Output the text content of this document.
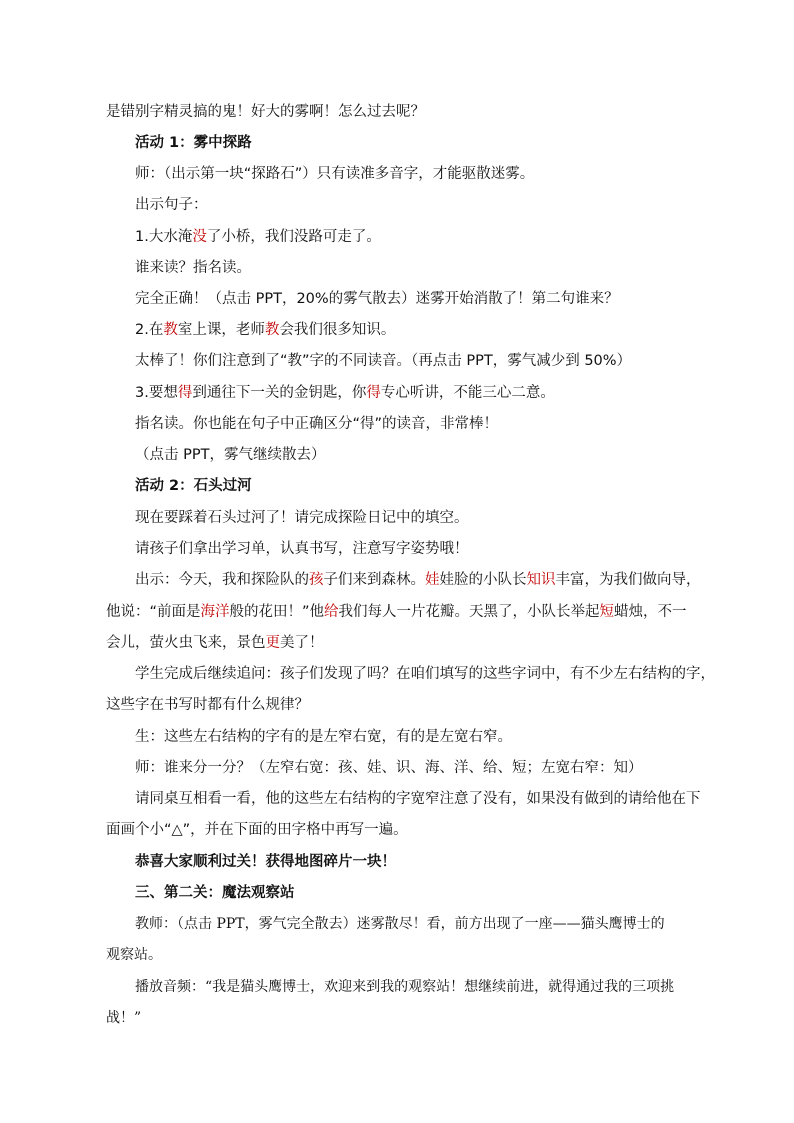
是错别字精灵搞的鬼！好大的雾啊！怎么过去呢？
活动 1：雾中探路
师：（出示第一块“探路石”）只有读准多音字，才能驱散迷雾。
出示句子：
1.大水淹没了小桥，我们没路可走了。
谁来读？指名读。
完全正确！（点击 PPT，20%的雾气散去）迷雾开始消散了！第二句谁来？
2.在教室上课，老师教会我们很多知识。
太棒了！你们注意到了“教”字的不同读音。（再点击 PPT，雾气减少到 50%）
3.要想得到通往下一关的金钥匙，你得专心听讲，不能三心二意。
指名读。你也能在句子中正确区分“得”的读音，非常棒！
（点击 PPT，雾气继续散去）
活动 2：石头过河
现在要踩着石头过河了！请完成探险日记中的填空。
请孩子们拿出学习单，认真书写，注意写字姿势哦！
出示：今天，我和探险队的孩子们来到森林。娃娃脸的小队长知识丰富，为我们做向导，
他说：“前面是海洋般的花田！”他给我们每人一片花瓣。天黑了，小队长举起短蜡烛，不一
会儿，萤火虫飞来，景色更美了！
学生完成后继续追问：孩子们发现了吗？在咱们填写的这些字词中，有不少左右结构的字，
这些字在书写时都有什么规律？
生：这些左右结构的字有的是左窄右宽，有的是左宽右窄。
师：谁来分一分？（左窄右宽：孩、娃、识、海、洋、给、短；左宽右窄：知）
请同桌互相看一看，他的这些左右结构的字宽窄注意了没有，如果没有做到的请给他在下
面画个小“△”，并在下面的田字格中再写一遍。
恭喜大家顺利过关！获得地图碎片一块！
三、第二关：魔法观察站
教师：（点击 PPT，雾气完全散去）迷雾散尽！看，前方出现了一座——猫头鹰博士的
观察站。
播放音频：“我是猫头鹰博士，欢迎来到我的观察站！想继续前进，就得通过我的三项挑
战！”
